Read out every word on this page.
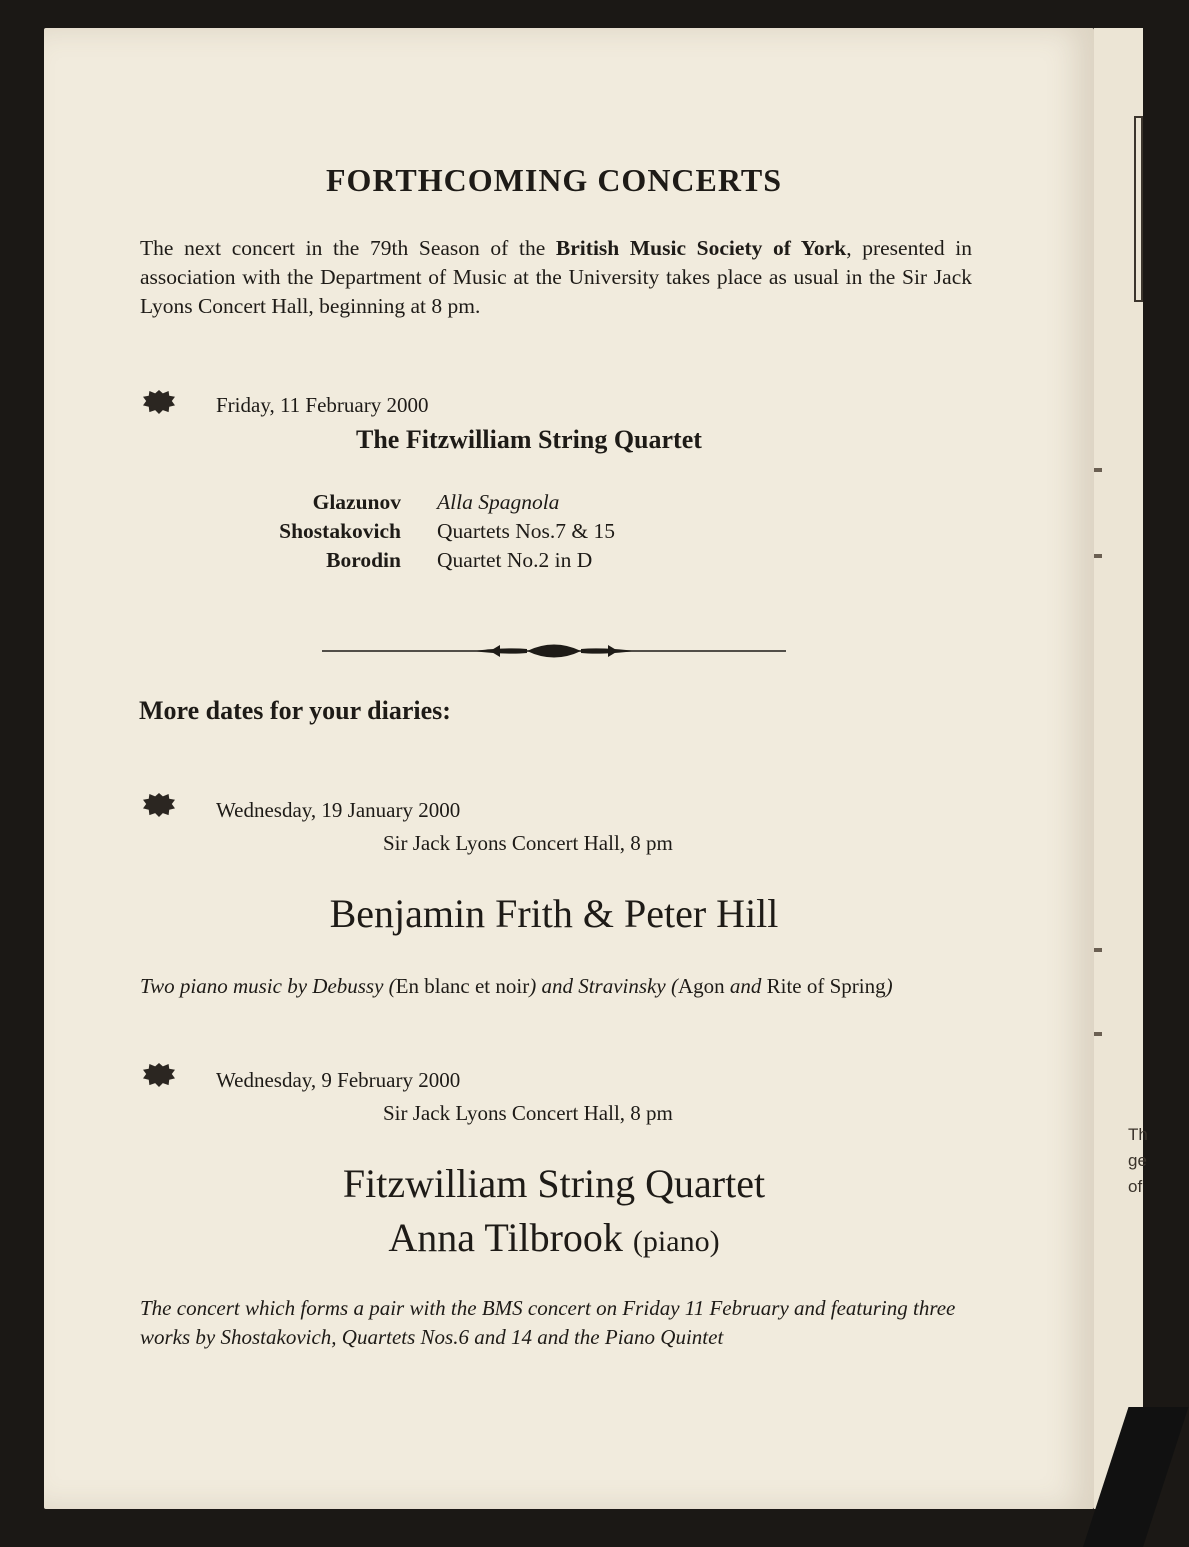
Th
ge
of
FORTHCOMING CONCERTS
The next concert in the 79th Season of the British Music Society of York, presented in association with the Department of Music at the University takes place as usual in the Sir Jack Lyons Concert Hall, beginning at 8 pm.
Friday, 11 February 2000
The Fitzwilliam String Quartet
Glazunov Alla Spagnola
Shostakovich Quartets Nos.7 & 15
Borodin Quartet No.2 in D
More dates for your diaries:
Wednesday, 19 January 2000
Sir Jack Lyons Concert Hall, 8 pm
Benjamin Frith & Peter Hill
Two piano music by Debussy (En blanc et noir) and Stravinsky (Agon and Rite of Spring)
Wednesday, 9 February 2000
Sir Jack Lyons Concert Hall, 8 pm
Fitzwilliam String Quartet
Anna Tilbrook (piano)
The concert which forms a pair with the BMS concert on Friday 11 February and featuring three works by Shostakovich, Quartets Nos.6 and 14 and the Piano Quintet
